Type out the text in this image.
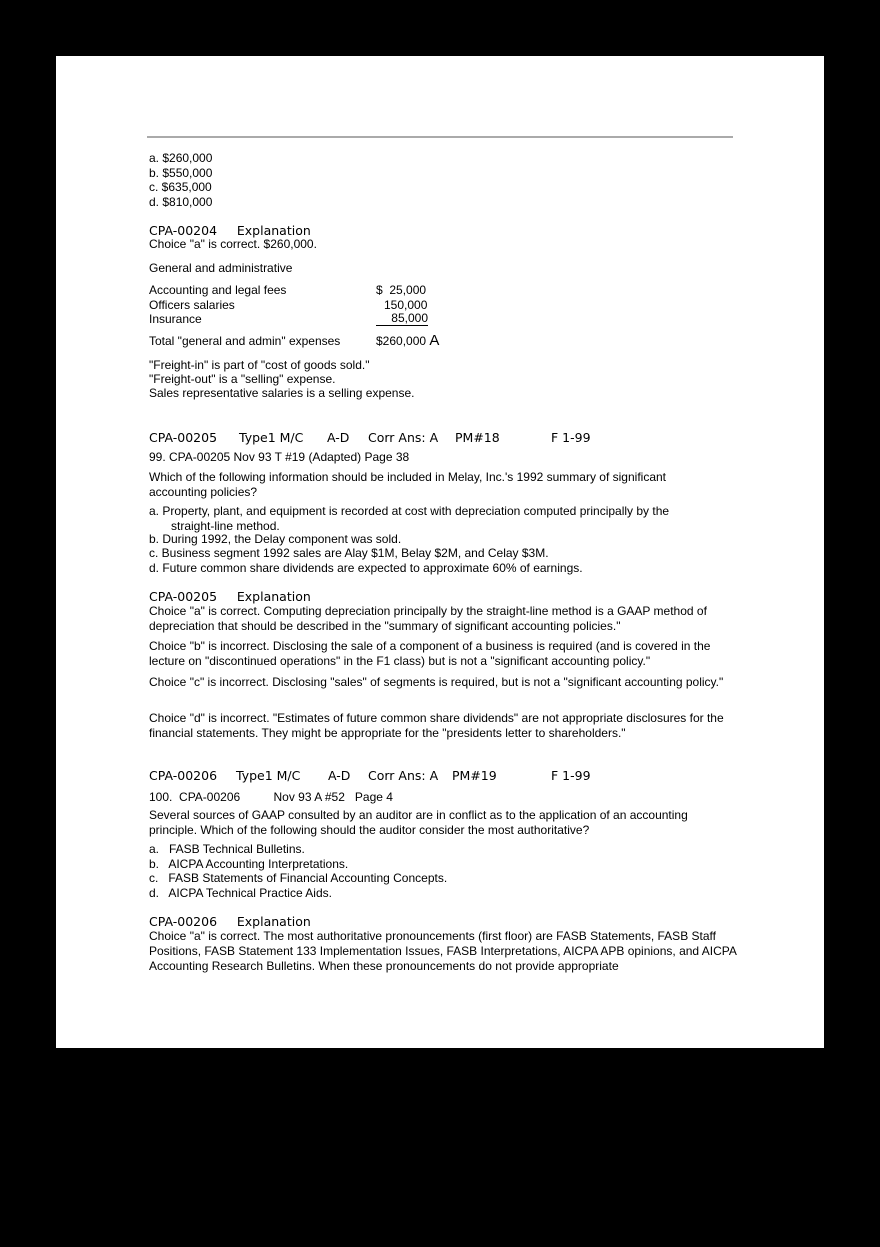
a. $260,000
b. $550,000
c. $635,000
d. $810,000
CPA-00204     Explanation
Choice "a" is correct. $260,000.
General and administrative
Accounting and legal fees	$  25,000
Officers salaries	150,000
Insurance	85,000
Total "general and admin" expenses	$260,000 A
"Freight-in" is part of "cost of goods sold."
"Freight-out" is a "selling" expense.
Sales representative salaries is a selling expense.
CPA-00205 Type1 M/C A-D Corr Ans: A PM#18	F 1-99
99. CPA-00205 Nov 93 T #19 (Adapted) Page 38
Which of the following information should be included in Melay, Inc.'s 1992 summary of significant accounting policies?
a. Property, plant, and equipment is recorded at cost with depreciation computed principally by the straight-line method.
b. During 1992, the Delay component was sold.
c. Business segment 1992 sales are Alay $1M, Belay $2M, and Celay $3M.
d. Future common share dividends are expected to approximate 60% of earnings.
CPA-00205     Explanation
Choice "a" is correct. Computing depreciation principally by the straight-line method is a GAAP method of depreciation that should be described in the "summary of significant accounting policies."
Choice "b" is incorrect. Disclosing the sale of a component of a business is required (and is covered in the lecture on "discontinued operations" in the F1 class) but is not a "significant accounting policy."
Choice "c" is incorrect. Disclosing "sales" of segments is required, but is not a "significant accounting policy."
Choice "d" is incorrect. "Estimates of future common share dividends" are not appropriate disclosures for the financial statements. They might be appropriate for the "presidents letter to shareholders."
CPA-00206 Type1 M/C A-D Corr Ans: A PM#19	F 1-99
100.  CPA-00206          Nov 93 A #52   Page 4
Several sources of GAAP consulted by an auditor are in conflict as to the application of an accounting principle. Which of the following should the auditor consider the most authoritative?
a.   FASB Technical Bulletins.
b.   AICPA Accounting Interpretations.
c.   FASB Statements of Financial Accounting Concepts.
d.   AICPA Technical Practice Aids.
CPA-00206     Explanation
Choice "a" is correct. The most authoritative pronouncements (first floor) are FASB Statements, FASB Staff Positions, FASB Statement 133 Implementation Issues, FASB Interpretations, AICPA APB opinions, and AICPA Accounting Research Bulletins. When these pronouncements do not provide appropriate
